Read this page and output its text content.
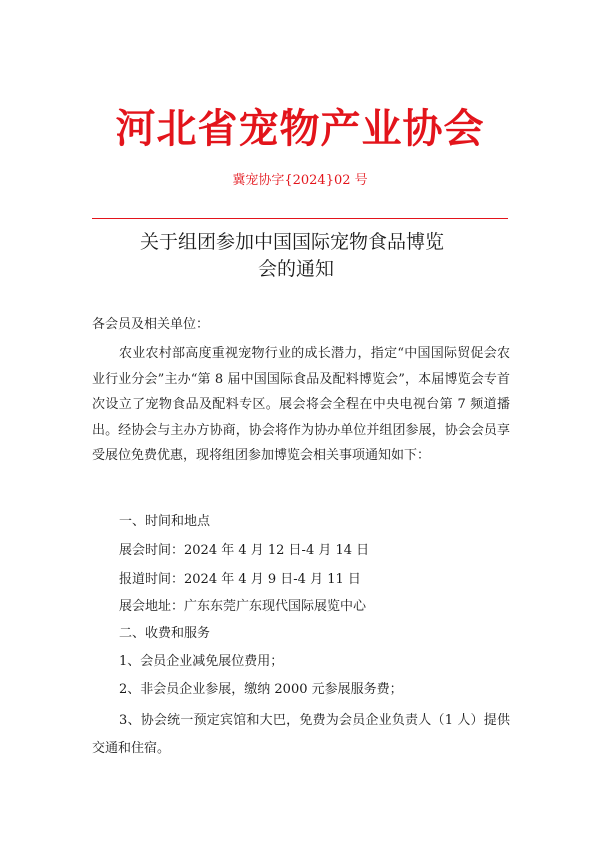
河北省宠物产业协会
冀宠协字{2024}02 号
关于组团参加中国国际宠物食品博览
会的通知
各会员及相关单位：
农业农村部高度重视宠物行业的成长潜力，指定“中国国际贸促会农业行业分会”主办“第 8 届中国国际食品及配料博览会”，本届博览会专首次设立了宠物食品及配料专区。展会将会全程在中央电视台第 7 频道播出。经协会与主办方协商，协会将作为协办单位并组团参展，协会会员享受展位免费优惠，现将组团参加博览会相关事项通知如下：
一、时间和地点
展会时间：2024 年 4 月 12 日-4 月 14 日
报道时间：2024 年 4 月 9 日-4 月 11 日
展会地址：广东东莞广东现代国际展览中心
二、收费和服务
1、会员企业减免展位费用；
2、非会员企业参展，缴纳 2000 元参展服务费；
3、协会统一预定宾馆和大巴，免费为会员企业负责人（1 人）提供交通和住宿。
